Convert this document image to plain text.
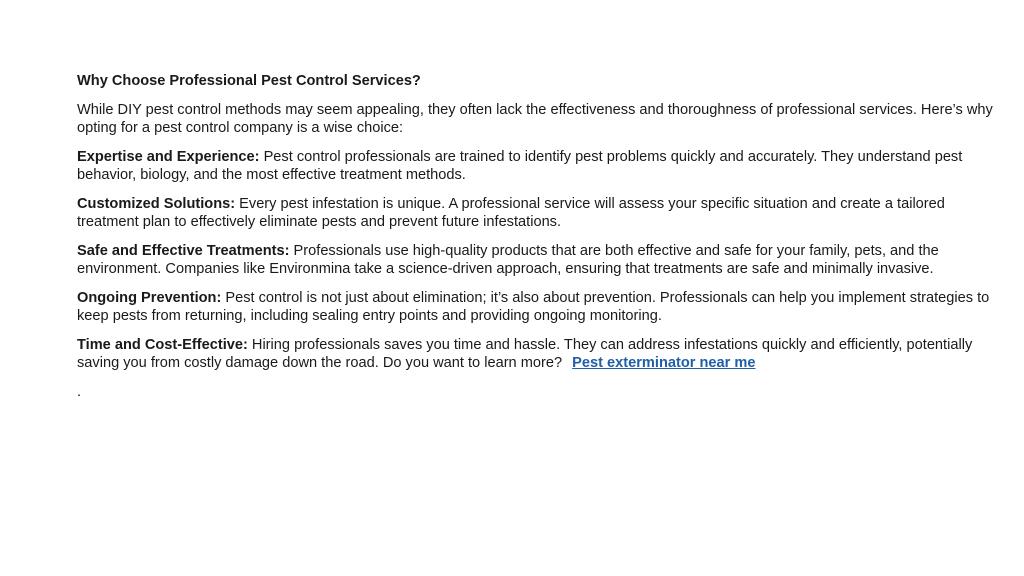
Why Choose Professional Pest Control Services?

While DIY pest control methods may seem appealing, they often lack the effectiveness and thoroughness of professional services. Here’s why opting for a pest control company is a wise choice:

Expertise and Experience: Pest control professionals are trained to identify pest problems quickly and accurately. They understand pest behavior, biology, and the most effective treatment methods.

Customized Solutions: Every pest infestation is unique. A professional service will assess your specific situation and create a tailored treatment plan to effectively eliminate pests and prevent future infestations.

Safe and Effective Treatments: Professionals use high-quality products that are both effective and safe for your family, pets, and the environment. Companies like Environmina take a science-driven approach, ensuring that treatments are safe and minimally invasive.

Ongoing Prevention: Pest control is not just about elimination; it’s also about prevention. Professionals can help you implement strategies to keep pests from returning, including sealing entry points and providing ongoing monitoring.

Time and Cost-Effective: Hiring professionals saves you time and hassle. They can address infestations quickly and efficiently, potentially saving you from costly damage down the road. Do you want to learn more? Pest exterminator near me

.
